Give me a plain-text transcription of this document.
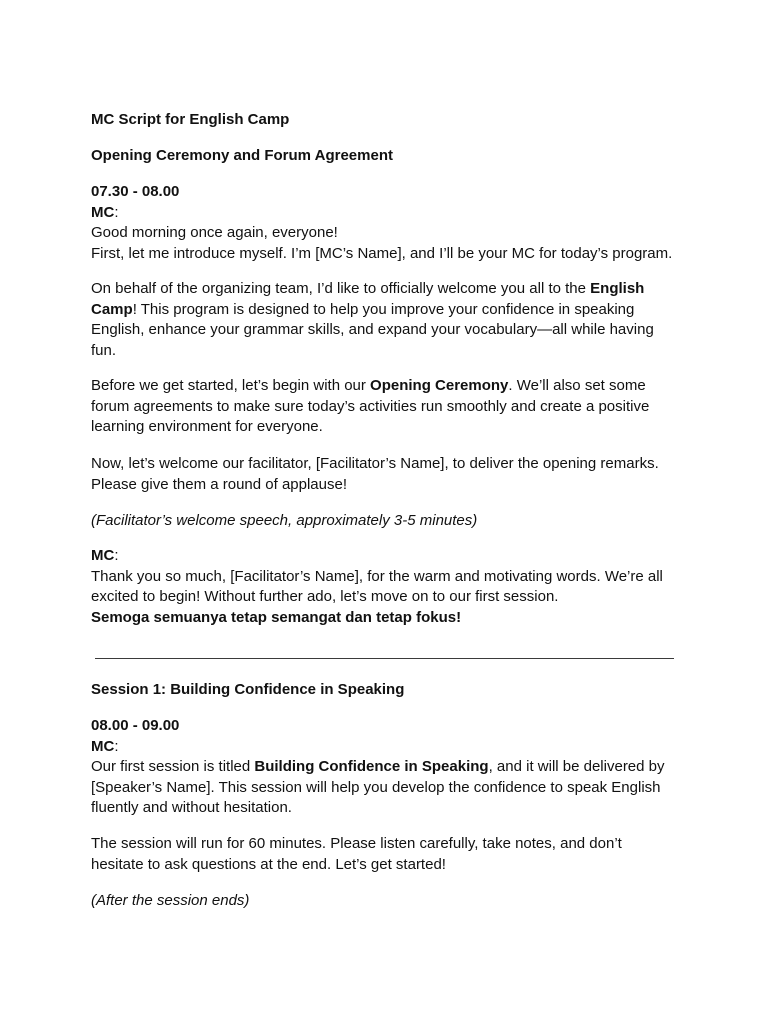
MC Script for English Camp

Opening Ceremony and Forum Agreement

07.30 - 08.00
MC:
Good morning once again, everyone!
First, let me introduce myself. I’m [MC’s Name], and I’ll be your MC for today’s program.
On behalf of the organizing team, I’d like to officially welcome you all to the English
Camp! This program is designed to help you improve your confidence in speaking
English, enhance your grammar skills, and expand your vocabulary—all while having
fun.
Before we get started, let’s begin with our Opening Ceremony. We’ll also set some
forum agreements to make sure today’s activities run smoothly and create a positive
learning environment for everyone.
Now, let’s welcome our facilitator, [Facilitator’s Name], to deliver the opening remarks.
Please give them a round of applause!

(Facilitator’s welcome speech, approximately 3-5 minutes)

MC:
Thank you so much, [Facilitator’s Name], for the warm and motivating words. We’re all
excited to begin! Without further ado, let’s move on to our first session.
Semoga semuanya tetap semangat dan tetap fokus!

Session 1: Building Confidence in Speaking

08.00 - 09.00
MC:
Our first session is titled Building Confidence in Speaking, and it will be delivered by
[Speaker’s Name]. This session will help you develop the confidence to speak English
fluently and without hesitation.
The session will run for 60 minutes. Please listen carefully, take notes, and don’t
hesitate to ask questions at the end. Let’s get started!

(After the session ends)
